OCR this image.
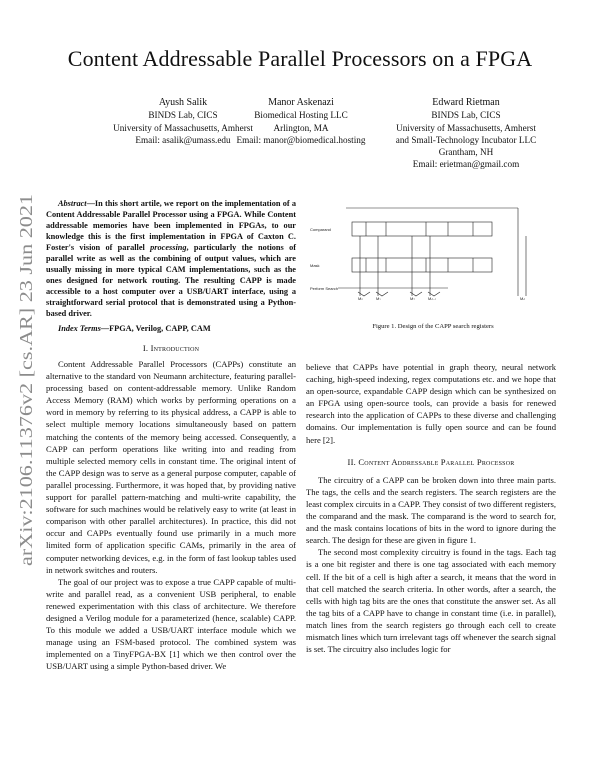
arXiv:2106.11376v2 [cs.AR] 23 Jun 2021
Content Addressable Parallel Processors on a FPGA
Ayush Salik
BINDS Lab, CICS
University of Massachusetts, Amherst
Email: asalik@umass.edu
Manor Askenazi
Biomedical Hosting LLC
Arlington, MA
Email: manor@biomedical.hosting
Edward Rietman
BINDS Lab, CICS
University of Massachusetts, Amherst
and Small-Technology Incubator LLC
Grantham, NH
Email: erietman@gmail.com
Abstract—In this short artile, we report on the implementation of a Content Addressable Parallel Processor using a FPGA. While Content addressable memories have been implemented in FPGAs, to our knowledge this is the first implementation in FPGA of Caxton C. Foster's vision of parallel processing, particularly the notions of parallel write as well as the combining of output values, which are usually missing in more typical CAM implementations, such as the ones designed for network routing. The resulting CAPP is made accessible to a host computer over a USB/UART interface, using a straightforward serial protocol that is demonstrated using a Python-based driver.
Index Terms—FPGA, Verilog, CAPP, CAM
I. Introduction

Content Addressable Parallel Processors (CAPPs) constitute an alternative to the standard von Neumann architecture, featuring parallel-processing based on content-addressable memory. Unlike Random Access Memory (RAM) which works by performing operations on a word in memory by referring to its physical address, a CAPP is able to select multiple memory locations simultaneously based on pattern matching the contents of the memory being accessed. Consequently, a CAPP can perform operations like writing into and reading from multiple selected memory cells in constant time. The original intent of the CAPP design was to serve as a general purpose computer, capable of parallel processing. Furthermore, it was hoped that, by providing native support for parallel pattern-matching and multi-write capability, the software for such machines would be relatively easy to write (at least in comparison with other parallel architectures). In practice, this did not occur and CAPPs eventually found use primarily in a much more limited form of application specific CAMs, primarily in the area of computer networking devices, e.g. in the form of fast lookup tables used in network switches and routers.

The goal of our project was to expose a true CAPP capable of multi-write and parallel read, as a convenient USB peripheral, to enable renewed experimentation with this class of architecture. We therefore designed a Verilog module for a parameterized (hence, scalable) CAPP. To this module we added a USB/UART interface module which we manage using an FSM-based protocol. The combined system was implemented on a TinyFPGA-BX [1] which we then control over the USB/UART using a simple Python-based driver. We

Comparand
Mask
Perform Search
M₀	M₁	M₂	Mₙ₋₁	Mₙ
Figure 1. Design of the CAPP search registers

believe that CAPPs have potential in graph theory, neural network caching, high-speed indexing, regex computations etc. and we hope that an open-source, expandable CAPP design which can be synthesized on an FPGA using open-source tools, can provide a basis for renewed research into the application of CAPPs to these diverse and challenging domains. Our implementation is fully open source and can be found here [2].

II. Content Addressable Parallel Processor

The circuitry of a CAPP can be broken down into three main parts. The tags, the cells and the search registers. The search registers are the least complex circuits in a CAPP. They consist of two different registers, the comparand and the mask. The comparand is the word to search for, and the mask contains locations of bits in the word to ignore during the search. The design for these are given in figure 1.

The second most complexity circuitry is found in the tags. Each tag is a one bit register and there is one tag associated with each memory cell. If the bit of a cell is high after a search, it means that the word in that cell matched the search criteria. In other words, after a search, the cells with high tag bits are the ones that constitute the answer set. As all the tag bits of a CAPP have to change in constant time (i.e. in parallel), match lines from the search registers go through each cell to create mismatch lines which turn irrelevant tags off whenever the search signal is set. The circuitry also includes logic for
